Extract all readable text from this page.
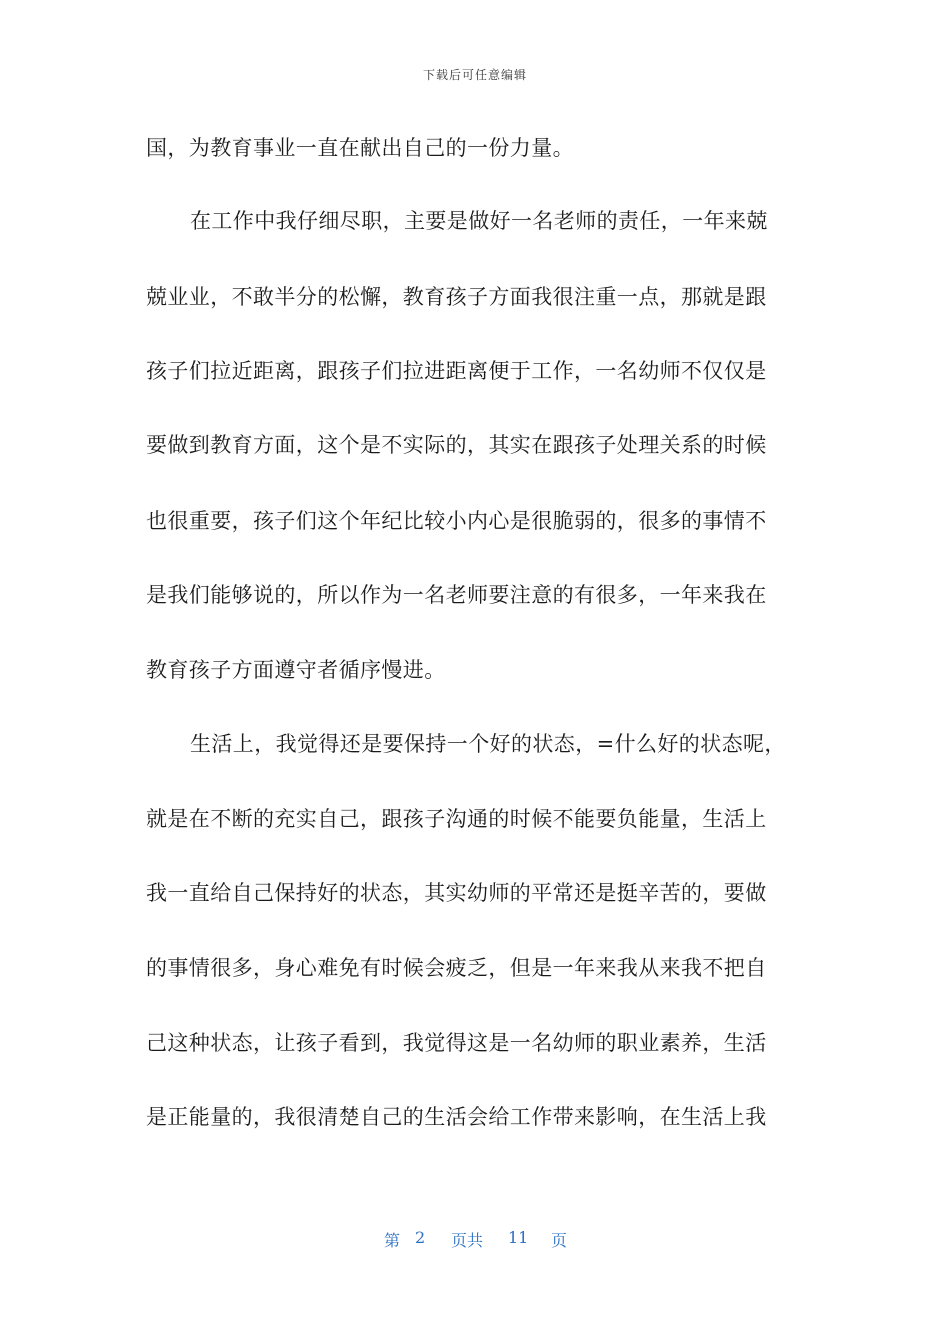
下载后可任意编辑
国，为教育事业一直在献出自己的一份力量。
在工作中我仔细尽职，主要是做好一名老师的责任，一年来兢
兢业业，不敢半分的松懈，教育孩子方面我很注重一点，那就是跟
孩子们拉近距离，跟孩子们拉进距离便于工作，一名幼师不仅仅是
要做到教育方面，这个是不实际的，其实在跟孩子处理关系的时候
也很重要，孩子们这个年纪比较小内心是很脆弱的，很多的事情不
是我们能够说的，所以作为一名老师要注意的有很多，一年来我在
教育孩子方面遵守者循序慢进。
生活上，我觉得还是要保持一个好的状态，=什么好的状态呢，
就是在不断的充实自己，跟孩子沟通的时候不能要负能量，生活上
我一直给自己保持好的状态，其实幼师的平常还是挺辛苦的，要做
的事情很多，身心难免有时候会疲乏，但是一年来我从来我不把自
己这种状态，让孩子看到，我觉得这是一名幼师的职业素养，生活
是正能量的，我很清楚自己的生活会给工作带来影响，在生活上我
第 2 页共 11 页
